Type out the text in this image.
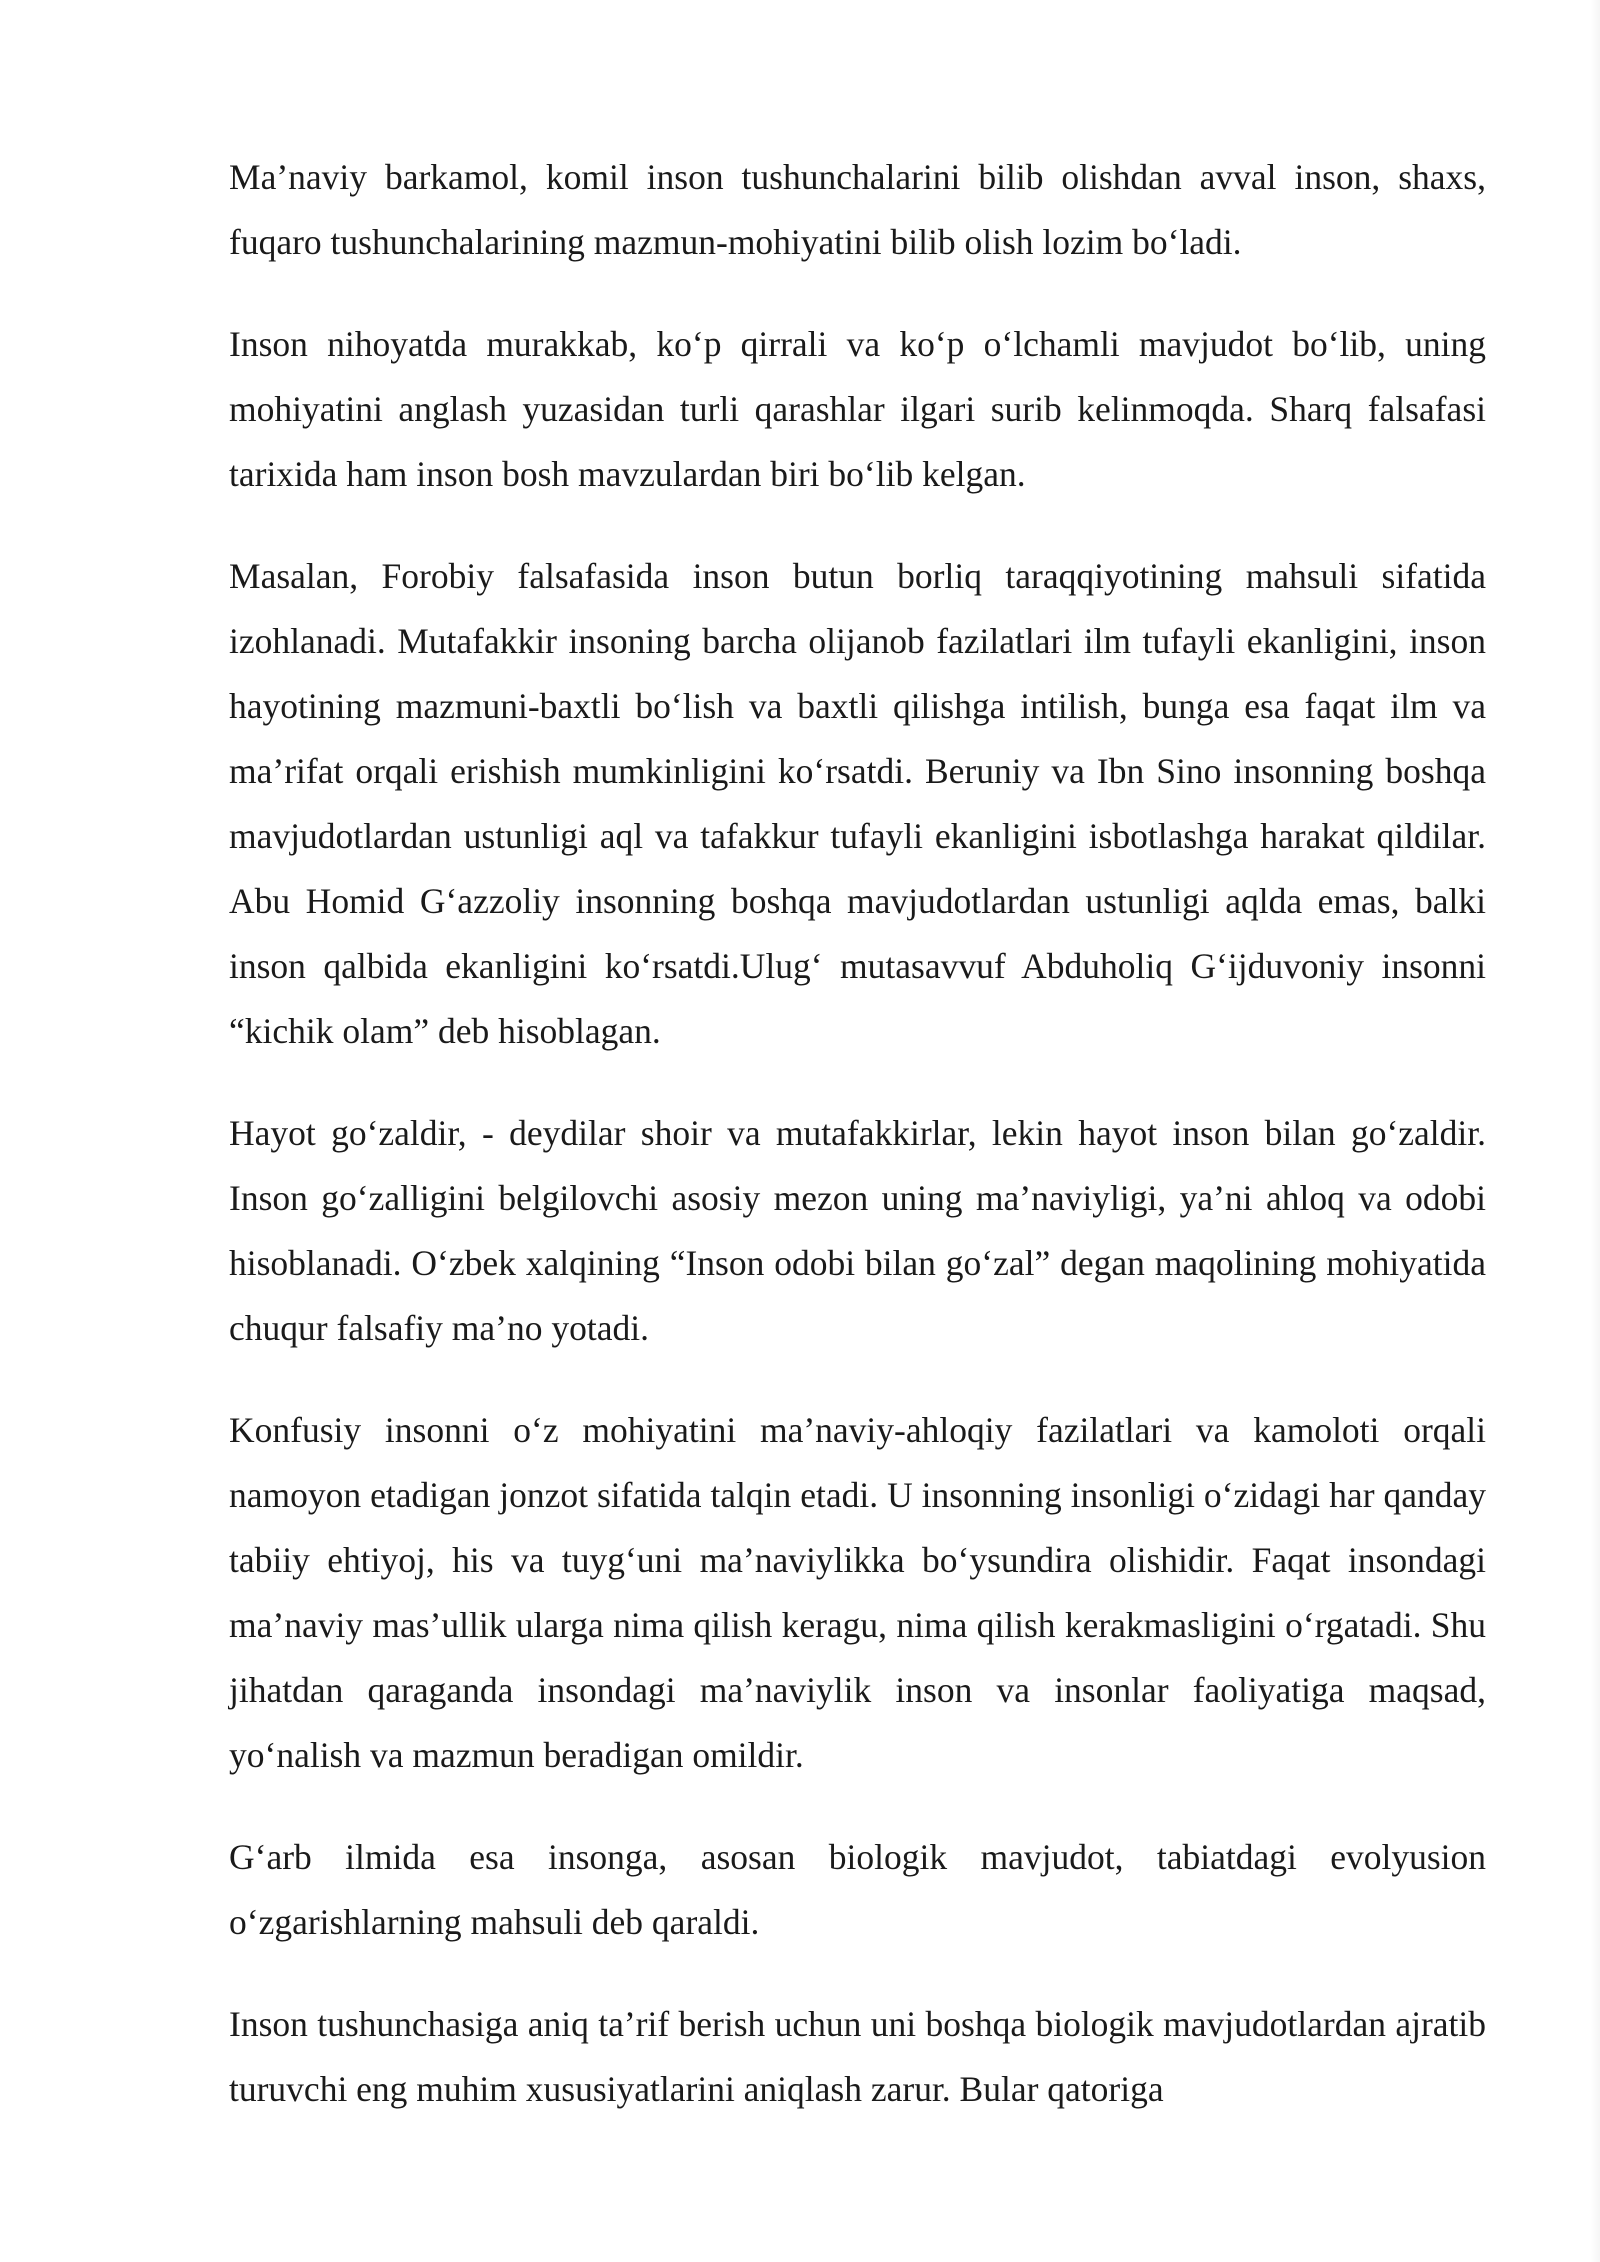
Ma’naviy barkamol, komil inson tushunchalarini bilib olishdan avval inson, shaxs, fuqaro tushunchalarining mazmun-mohiyatini bilib olish lozim bo‘ladi.

Inson nihoyatda murakkab, ko‘p qirrali va ko‘p o‘lchamli mavjudot bo‘lib, uning mohiyatini anglash yuzasidan turli qarashlar ilgari surib kelinmoqda. Sharq falsafasi tarixida ham inson bosh mavzulardan biri bo‘lib kelgan.

Masalan, Forobiy falsafasida inson butun borliq taraqqiyotining mahsuli sifatida izohlanadi. Mutafakkir insoning barcha olijanob fazilatlari ilm tufayli ekanligini, inson hayotining mazmuni-baxtli bo‘lish va baxtli qilishga intilish, bunga esa faqat ilm va ma’rifat orqali erishish mumkinligini ko‘rsatdi. Beruniy va Ibn Sino insonning boshqa mavjudotlardan ustunligi aql va tafakkur tufayli ekanligini isbotlashga harakat qildilar. Abu Homid G‘azzoliy insonning boshqa mavjudotlardan ustunligi aqlda emas, balki inson qalbida ekanligini ko‘rsatdi.Ulug‘ mutasavvuf Abduholiq G‘ijduvoniy insonni “kichik olam” deb hisoblagan.

Hayot go‘zaldir, - deydilar shoir va mutafakkirlar, lekin hayot inson bilan go‘zaldir. Inson go‘zalligini belgilovchi asosiy mezon uning ma’naviyligi, ya’ni ahloq va odobi hisoblanadi. O‘zbek xalqining “Inson odobi bilan go‘zal” degan maqolining mohiyatida chuqur falsafiy ma’no yotadi.

Konfusiy insonni o‘z mohiyatini ma’naviy-ahloqiy fazilatlari va kamoloti orqali namoyon etadigan jonzot sifatida talqin etadi. U insonning insonligi o‘zidagi har qanday tabiiy ehtiyoj, his va tuyg‘uni ma’naviylikka bo‘ysundira olishidir. Faqat insondagi ma’naviy mas’ullik ularga nima qilish keragu, nima qilish kerakmasligini o‘rgatadi. Shu jihatdan qaraganda insondagi ma’naviylik inson va insonlar faoliyatiga maqsad, yo‘nalish va mazmun beradigan omildir.

G‘arb ilmida esa insonga, asosan biologik mavjudot, tabiatdagi evolyusion o‘zgarishlarning mahsuli deb qaraldi.

Inson tushunchasiga aniq ta’rif berish uchun uni boshqa biologik mavjudotlardan ajratib turuvchi eng muhim xususiyatlarini aniqlash zarur. Bular qatoriga
